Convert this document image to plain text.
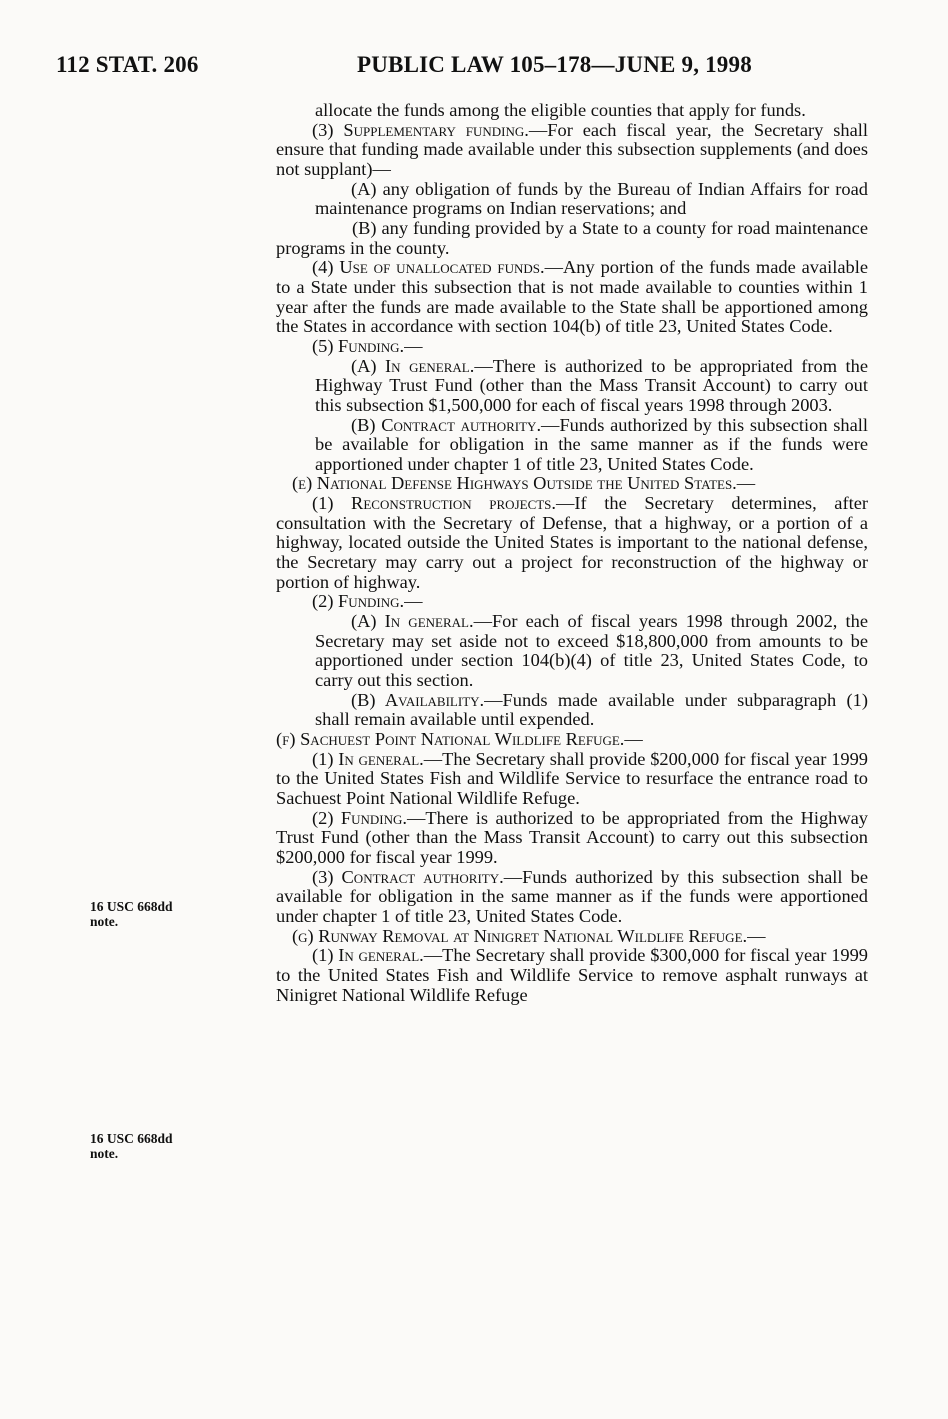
112 STAT. 206	PUBLIC LAW 105–178—JUNE 9, 1998
16 USC 668dd
note.
16 USC 668dd
note.

allocate the funds among the eligible counties that apply for funds.

(3) Supplementary funding.—For each fiscal year, the Secretary shall ensure that funding made available under this subsection supplements (and does not supplant)—

(A) any obligation of funds by the Bureau of Indian Affairs for road maintenance programs on Indian reservations; and

(B) any funding provided by a State to a county for road maintenance programs in the county.

(4) Use of unallocated funds.—Any portion of the funds made available to a State under this subsection that is not made available to counties within 1 year after the funds are made available to the State shall be apportioned among the States in accordance with section 104(b) of title 23, United States Code.

(5) Funding.—

(A) In general.—There is authorized to be appropriated from the Highway Trust Fund (other than the Mass Transit Account) to carry out this subsection $1,500,000 for each of fiscal years 1998 through 2003.

(B) Contract authority.—Funds authorized by this subsection shall be available for obligation in the same manner as if the funds were apportioned under chapter 1 of title 23, United States Code.

(e) National Defense Highways Outside the United States.—

(1) Reconstruction projects.—If the Secretary determines, after consultation with the Secretary of Defense, that a highway, or a portion of a highway, located outside the United States is important to the national defense, the Secretary may carry out a project for reconstruction of the highway or portion of highway.

(2) Funding.—

(A) In general.—For each of fiscal years 1998 through 2002, the Secretary may set aside not to exceed $18,800,000 from amounts to be apportioned under section 104(b)(4) of title 23, United States Code, to carry out this section.

(B) Availability.—Funds made available under subparagraph (1) shall remain available until expended.

(f) Sachuest Point National Wildlife Refuge.—

(1) In general.—The Secretary shall provide $200,000 for fiscal year 1999 to the United States Fish and Wildlife Service to resurface the entrance road to Sachuest Point National Wildlife Refuge.

(2) Funding.—There is authorized to be appropriated from the Highway Trust Fund (other than the Mass Transit Account) to carry out this subsection $200,000 for fiscal year 1999.

(3) Contract authority.—Funds authorized by this subsection shall be available for obligation in the same manner as if the funds were apportioned under chapter 1 of title 23, United States Code.

(g) Runway Removal at Ninigret National Wildlife Refuge.—

(1) In general.—The Secretary shall provide $300,000 for fiscal year 1999 to the United States Fish and Wildlife Service to remove asphalt runways at Ninigret National Wildlife Refuge
